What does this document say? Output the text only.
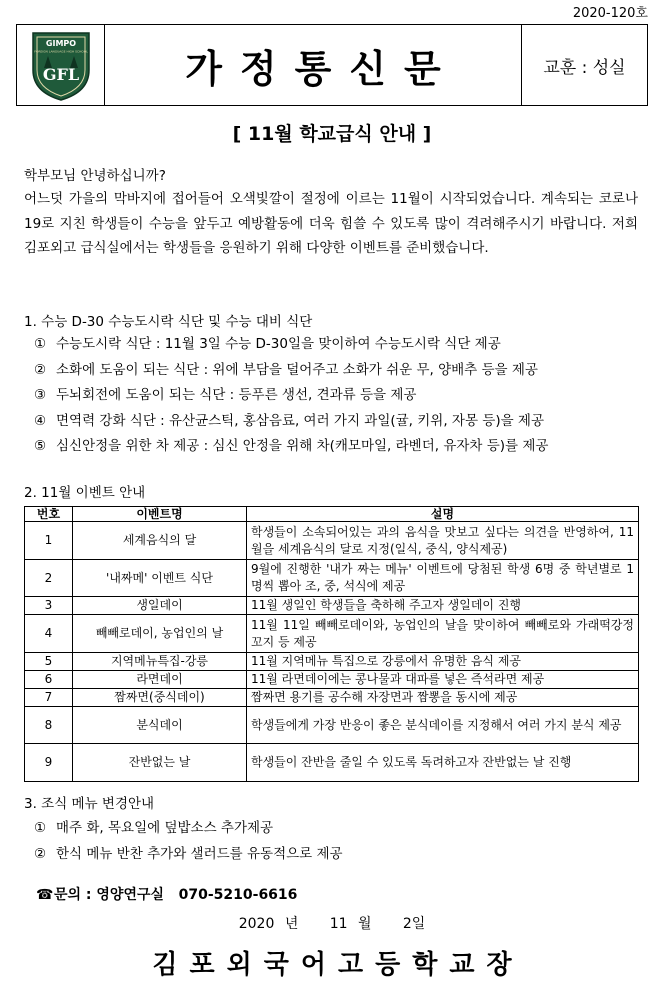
2020-120호
GIMPO
FOREIGN LANGUAGE HIGH SCHOOL
GFL	가정통신문	교훈 : 성실
[ 11월 학교급식 안내 ]
학부모님 안녕하십니까?
어느덧 가을의 막바지에 접어들어 오색빛깔이 절정에 이르는 11월이 시작되었습니다. 계속되는 코로나19로 지친 학생들이 수능을 앞두고 예방활동에 더욱 힘쓸 수 있도록 많이 격려해주시기 바랍니다. 저희 김포외고 급식실에서는 학생들을 응원하기 위해 다양한 이벤트를 준비했습니다.
1. 수능 D-30 수능도시락 식단 및 수능 대비 식단
① 수능도시락 식단 : 11월 3일 수능 D-30일을 맞이하여 수능도시락 식단 제공
② 소화에 도움이 되는 식단 : 위에 부담을 덜어주고 소화가 쉬운 무, 양배추 등을 제공
③ 두뇌회전에 도움이 되는 식단 : 등푸른 생선, 견과류 등을 제공
④ 면역력 강화 식단 : 유산균스틱, 홍삼음료, 여러 가지 과일(귤, 키위, 자몽 등)을 제공
⑤ 심신안정을 위한 차 제공 : 심신 안정을 위해 차(캐모마일, 라벤더, 유자차 등)를 제공
2. 11월 이벤트 안내
번호	이벤트명	설명
1	세계음식의 달	학생들이 소속되어있는 과의 음식을 맛보고 싶다는 의견을 반영하여, 11월을 세계음식의 달로 지정(일식, 중식, 양식제공)
2	'내짜메' 이벤트 식단	9월에 진행한 '내가 짜는 메뉴' 이벤트에 당첨된 학생 6명 중 학년별로 1명씩 뽑아 조, 중, 석식에 제공
3	생일데이	11월 생일인 학생들을 축하해 주고자 생일데이 진행
4	빼빼로데이, 농업인의 날	11월 11일 빼빼로데이와, 농업인의 날을 맞이하여 빼빼로와 가래떡강정꼬지 등 제공
5	지역메뉴특집-강릉	11월 지역메뉴 특집으로 강릉에서 유명한 음식 제공
6	라면데이	11월 라면데이에는 콩나물과 대파를 넣은 즉석라면 제공
7	짬짜면(중식데이)	짬짜면 용기를 공수해 자장면과 짬뽕을 동시에 제공
8	분식데이	학생들에게 가장 반응이 좋은 분식데이를 지정해서 여러 가지 분식 제공
9	잔반없는 날	학생들이 잔반을 줄일 수 있도록 독려하고자 잔반없는 날 진행
3. 조식 메뉴 변경안내
① 매주 화, 목요일에 덮밥소스 추가제공
② 한식 메뉴 반찬 추가와 샐러드를 유동적으로 제공
☎문의 : 영양연구실   070-5210-6616
2020 년   11 월   2일
김포외국어고등학교장
